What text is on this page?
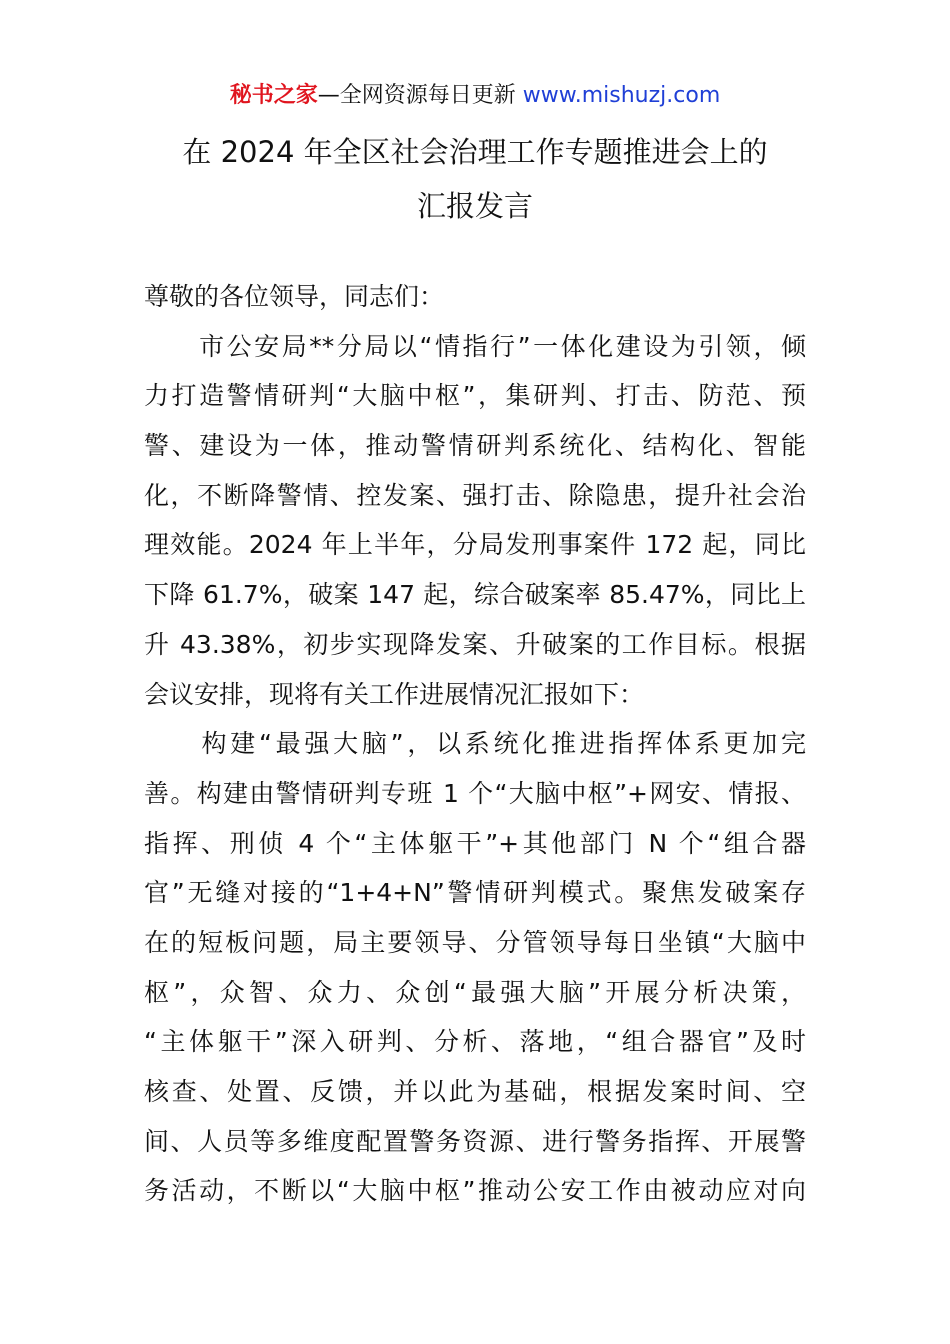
秘书之家—全网资源每日更新 www.mishuzj.com
在 2024 年全区社会治理工作专题推进会上的
汇报发言
尊敬的各位领导，同志们：
　　市公安局**分局以“情指行”一体化建设为引领，倾
力打造警情研判“大脑中枢”，集研判、打击、防范、预
警、建设为一体，推动警情研判系统化、结构化、智能
化，不断降警情、控发案、强打击、除隐患，提升社会治
理效能。2024 年上半年，分局发刑事案件 172 起，同比
下降 61.7%，破案 147 起，综合破案率 85.47%，同比上
升 43.38%，初步实现降发案、升破案的工作目标。根据
会议安排，现将有关工作进展情况汇报如下：
　　构建“最强大脑”，以系统化推进指挥体系更加完
善。构建由警情研判专班 1 个“大脑中枢”+网安、情报、
指挥、刑侦 4 个“主体躯干”+其他部门 N 个“组合器
官”无缝对接的“1+4+N”警情研判模式。聚焦发破案存
在的短板问题，局主要领导、分管领导每日坐镇“大脑中
枢”，众智、众力、众创“最强大脑”开展分析决策，
“主体躯干”深入研判、分析、落地，“组合器官”及时
核查、处置、反馈，并以此为基础，根据发案时间、空
间、人员等多维度配置警务资源、进行警务指挥、开展警
务活动，不断以“大脑中枢”推动公安工作由被动应对向
